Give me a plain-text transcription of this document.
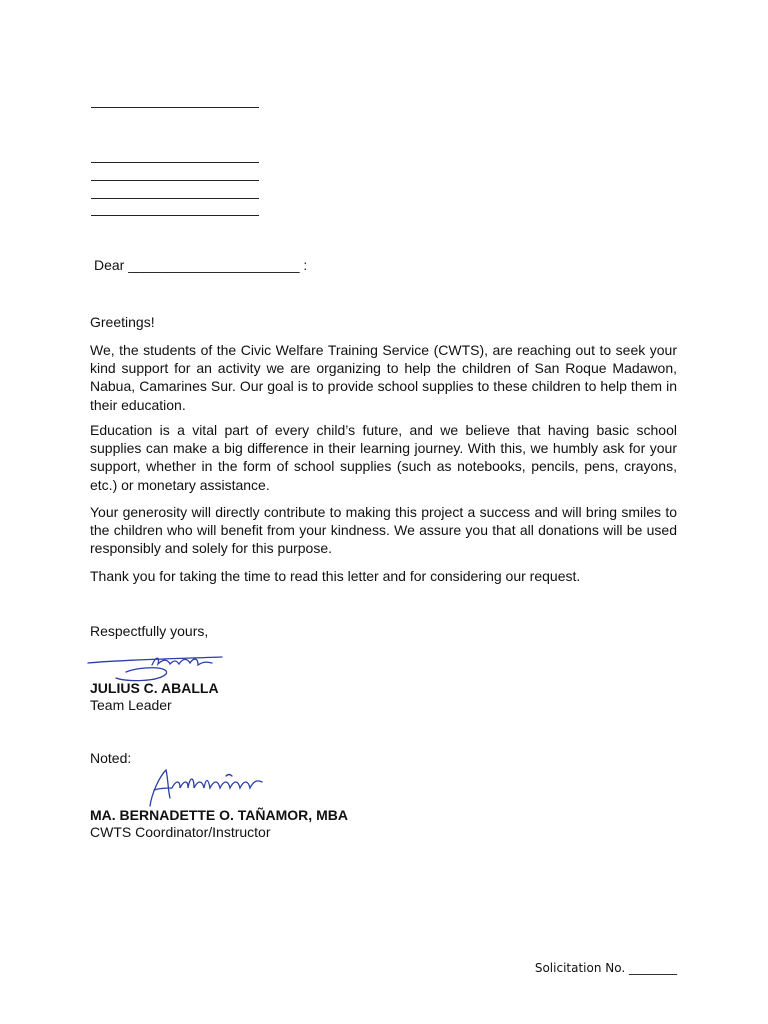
Dear ______________________ :
Greetings!

We, the students of the Civic Welfare Training Service (CWTS), are reaching out to seek your kind support for an activity we are organizing to help the children of San Roque Madawon, Nabua, Camarines Sur. Our goal is to provide school supplies to these children to help them in their education.

Education is a vital part of every child’s future, and we believe that having basic school supplies can make a big difference in their learning journey. With this, we humbly ask for your support, whether in the form of school supplies (such as notebooks, pencils, pens, crayons, etc.) or monetary assistance.

Your generosity will directly contribute to making this project a success and will bring smiles to the children who will benefit from your kindness. We assure you that all donations will be used responsibly and solely for this purpose.

Thank you for taking the time to read this letter and for considering our request.

Respectfully yours,
JULIUS C. ABALLA
Team Leader
Noted:
MA. BERNADETTE O. TAÑAMOR, MBA
CWTS Coordinator/Instructor
Solicitation No. ________
